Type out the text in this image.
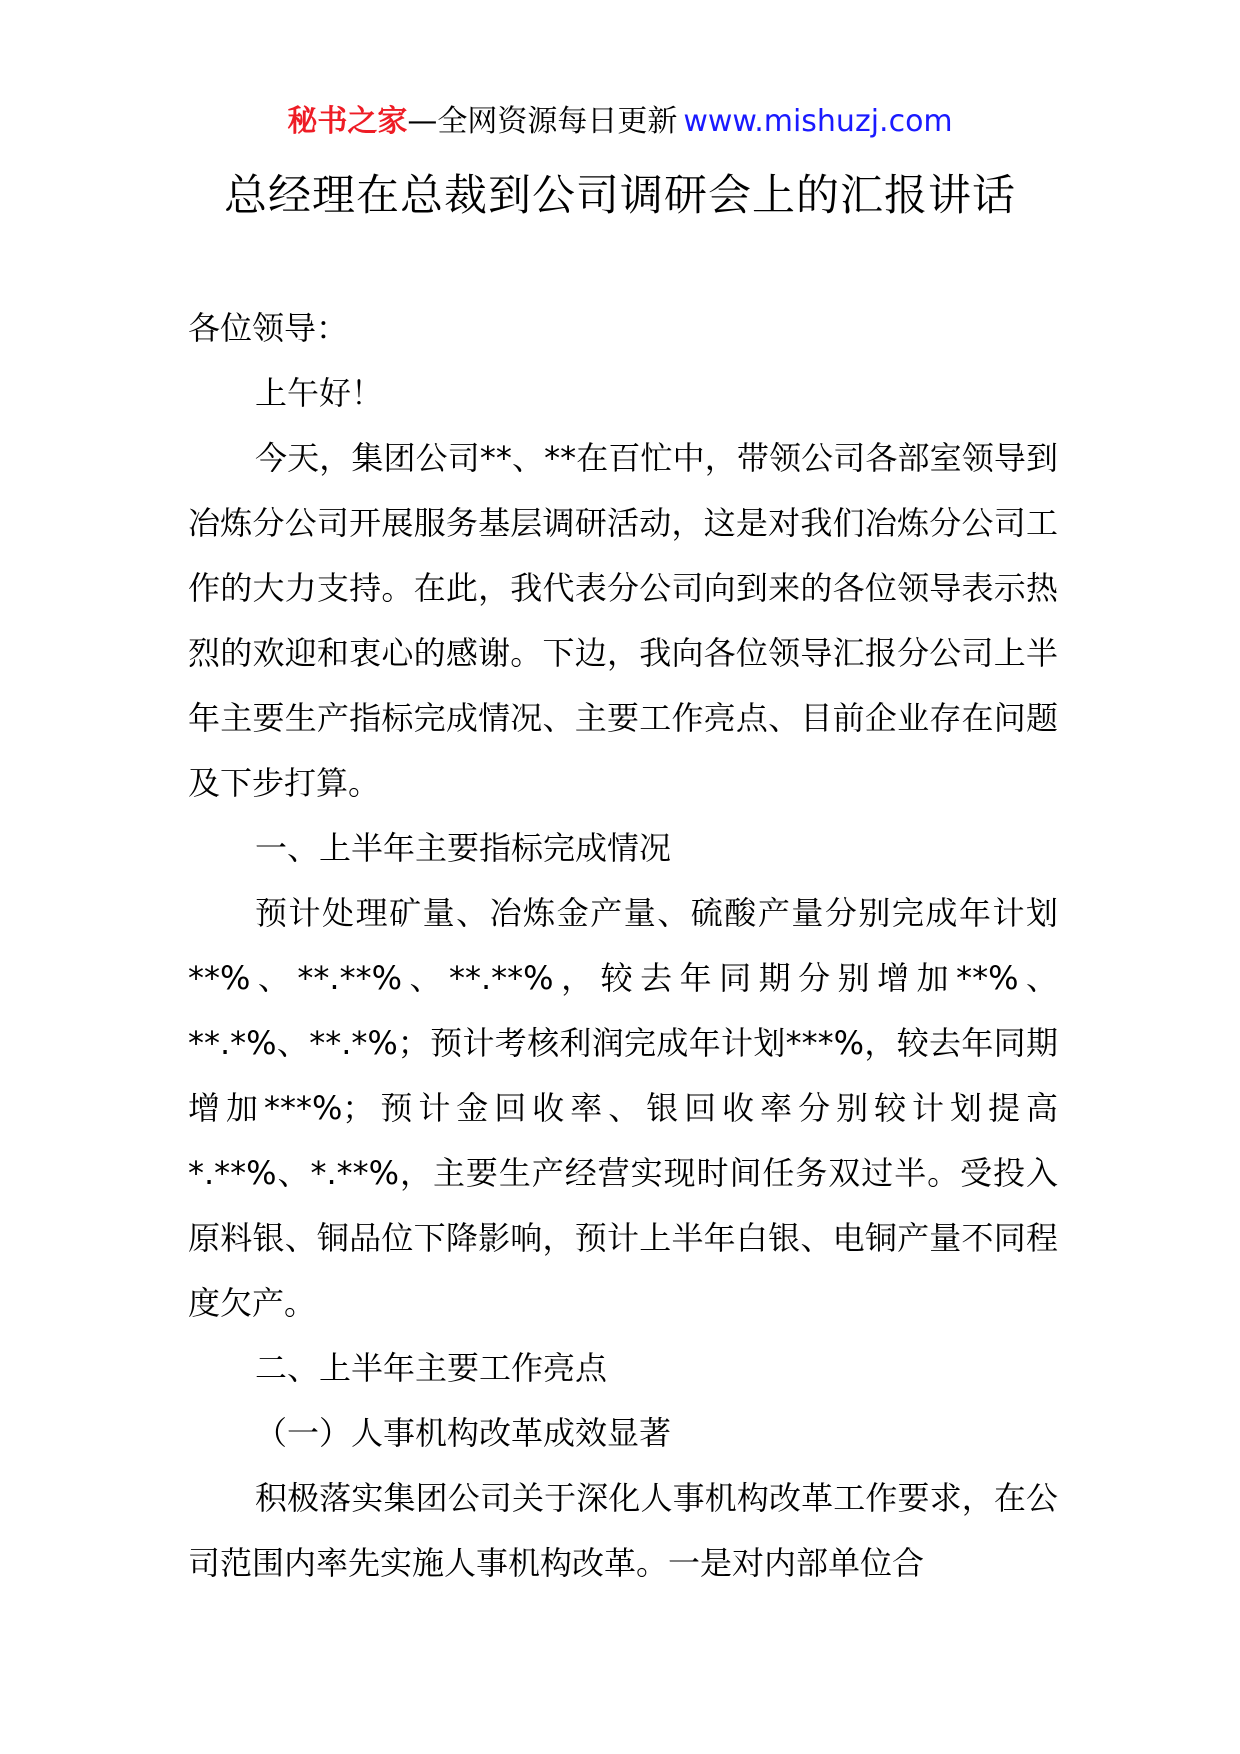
秘书之家—全网资源每日更新 www.mishuzj.com
总经理在总裁到公司调研会上的汇报讲话

各位领导：

上午好！

今天，集团公司**、**在百忙中，带领公司各部室领导到冶炼分公司开展服务基层调研活动，这是对我们冶炼分公司工作的大力支持。在此，我代表分公司向到来的各位领导表示热烈的欢迎和衷心的感谢。下边，我向各位领导汇报分公司上半年主要生产指标完成情况、主要工作亮点、目前企业存在问题及下步打算。

一、上半年主要指标完成情况

预计处理矿量、冶炼金产量、硫酸产量分别完成年计划**%、**.**%、**.**%，较去年同期分别增加**%、**.*%、**.*%；预计考核利润完成年计划***%，较去年同期增加***%；预计金回收率、银回收率分别较计划提高*.**%、*.**%，主要生产经营实现时间任务双过半。受投入原料银、铜品位下降影响，预计上半年白银、电铜产量不同程度欠产。

二、上半年主要工作亮点

（一）人事机构改革成效显著

积极落实集团公司关于深化人事机构改革工作要求，在公司范围内率先实施人事机构改革。一是对内部单位合
